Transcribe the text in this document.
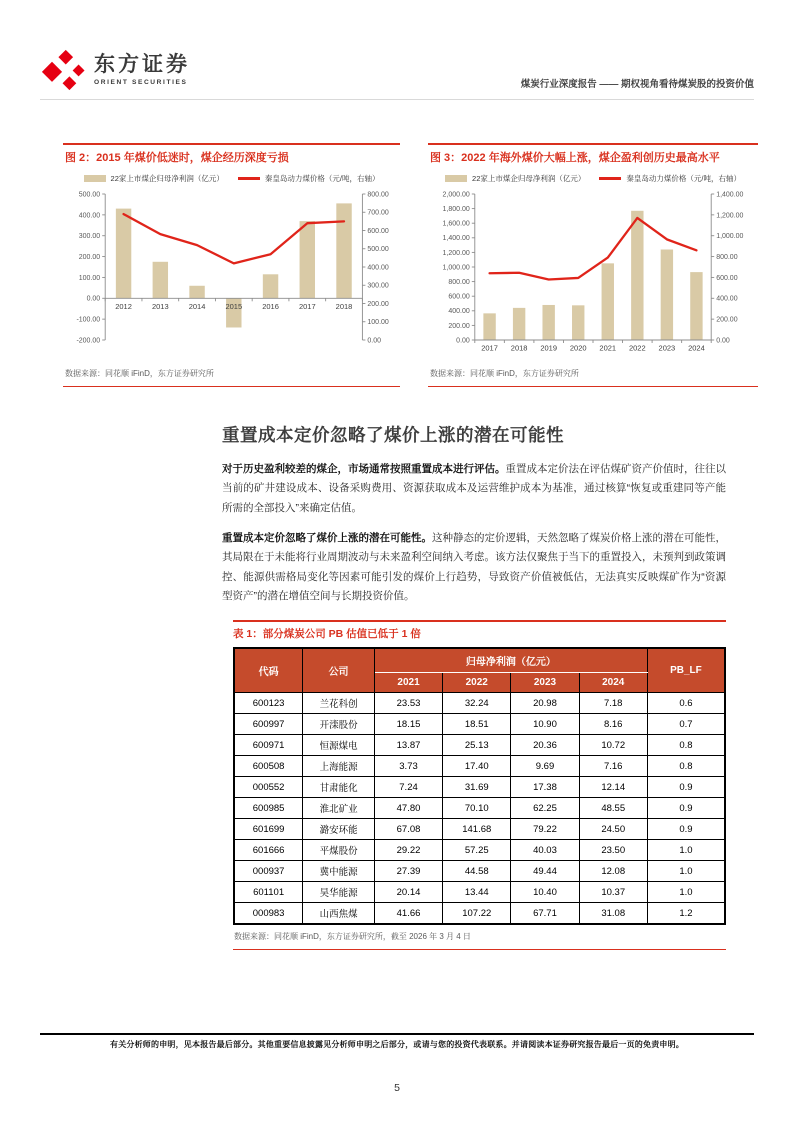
东方证券
ORIENT SECURITIES	煤炭行业深度报告 —— 期权视角看待煤炭股的投资价值
图 2：2015 年煤价低迷时，煤企经历深度亏损
22家上市煤企归母净利润（亿元）	秦皇岛动力煤价格（元/吨，右轴）
-200.00
-100.00
0.00
100.00
200.00
300.00
400.00
500.00
0.00
100.00
200.00
300.00
400.00
500.00
600.00
700.00
800.00
2012	2013	2014	2015	2016	2017	2018
数据来源：同花顺 iFinD，东方证券研究所
图 3：2022 年海外煤价大幅上涨，煤企盈利创历史最高水平
22家上市煤企归母净利润（亿元）	秦皇岛动力煤价格（元/吨，右轴）
0.00
200.00
400.00
600.00
800.00
1,000.00
1,200.00
1,400.00
1,600.00
1,800.00
2,000.00
0.00
200.00
400.00
600.00
800.00
1,000.00
1,200.00
1,400.00
2017 2018 2019 2020 2021 2022 2023 2024
数据来源：同花顺 iFinD，东方证券研究所
重置成本定价忽略了煤价上涨的潜在可能性

对于历史盈利较差的煤企，市场通常按照重置成本进行评估。重置成本定价法在评估煤矿资产价值时，往往以当前的矿井建设成本、设备采购费用、资源获取成本及运营维护成本为基准，通过核算“恢复或重建同等产能所需的全部投入”来确定估值。

重置成本定价忽略了煤价上涨的潜在可能性。这种静态的定价逻辑，天然忽略了煤炭价格上涨的潜在可能性，其局限在于未能将行业周期波动与未来盈利空间纳入考虑。该方法仅聚焦于当下的重置投入，未预判到政策调控、能源供需格局变化等因素可能引发的煤价上行趋势，导致资产价值被低估，无法真实反映煤矿作为“资源型资产”的潜在增值空间与长期投资价值。

表 1：部分煤炭公司 PB 估值已低于 1 倍
代码	公司	归母净利润（亿元）				PB_LF
		2021	2022	2023	2024	
600123	兰花科创	23.53	32.24	20.98	7.18	0.6
600997	开滦股份	18.15	18.51	10.90	8.16	0.7
600971	恒源煤电	13.87	25.13	20.36	10.72	0.8
600508	上海能源	3.73	17.40	9.69	7.16	0.8
000552	甘肃能化	7.24	31.69	17.38	12.14	0.9
600985	淮北矿业	47.80	70.10	62.25	48.55	0.9
601699	潞安环能	67.08	141.68	79.22	24.50	0.9
601666	平煤股份	29.22	57.25	40.03	23.50	1.0
000937	冀中能源	27.39	44.58	49.44	12.08	1.0
601101	昊华能源	20.14	13.44	10.40	10.37	1.0
000983	山西焦煤	41.66	107.22	67.71	31.08	1.2
数据来源：同花顺 iFinD，东方证券研究所，截至 2026 年 3 月 4 日
有关分析师的申明，见本报告最后部分。其他重要信息披露见分析师申明之后部分，或请与您的投资代表联系。并请阅读本证券研究报告最后一页的免责申明。
5
